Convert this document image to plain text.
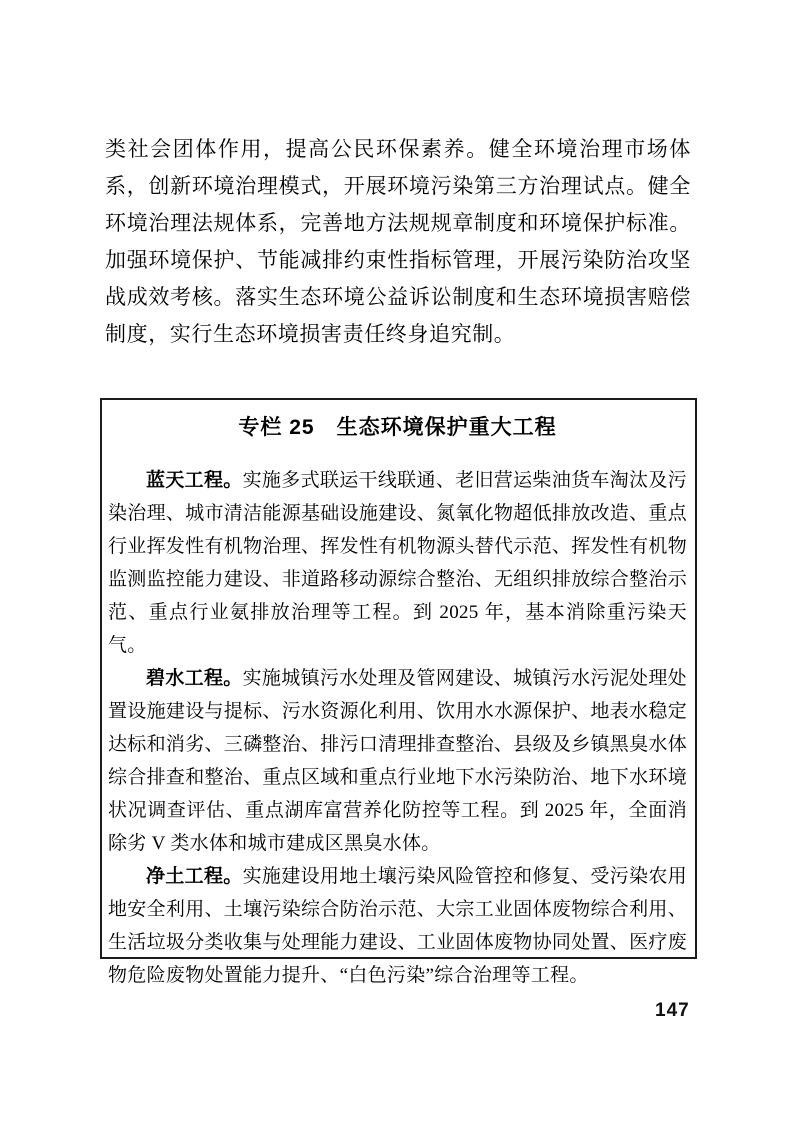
类社会团体作用，提高公民环保素养。健全环境治理市场体系，创新环境治理模式，开展环境污染第三方治理试点。健全环境治理法规体系，完善地方法规规章制度和环境保护标准。加强环境保护、节能减排约束性指标管理，开展污染防治攻坚战成效考核。落实生态环境公益诉讼制度和生态环境损害赔偿制度，实行生态环境损害责任终身追究制。
专栏 25　生态环境保护重大工程

蓝天工程。实施多式联运干线联通、老旧营运柴油货车淘汰及污染治理、城市清洁能源基础设施建设、氮氧化物超低排放改造、重点行业挥发性有机物治理、挥发性有机物源头替代示范、挥发性有机物监测监控能力建设、非道路移动源综合整治、无组织排放综合整治示范、重点行业氨排放治理等工程。到 2025 年，基本消除重污染天气。

碧水工程。实施城镇污水处理及管网建设、城镇污水污泥处理处置设施建设与提标、污水资源化利用、饮用水水源保护、地表水稳定达标和消劣、三磷整治、排污口清理排查整治、县级及乡镇黑臭水体综合排查和整治、重点区域和重点行业地下水污染防治、地下水环境状况调查评估、重点湖库富营养化防控等工程。到 2025 年，全面消除劣 V 类水体和城市建成区黑臭水体。

净土工程。实施建设用地土壤污染风险管控和修复、受污染农用地安全利用、土壤污染综合防治示范、大宗工业固体废物综合利用、生活垃圾分类收集与处理能力建设、工业固体废物协同处置、医疗废物危险废物处置能力提升、“白色污染”综合治理等工程。

147
